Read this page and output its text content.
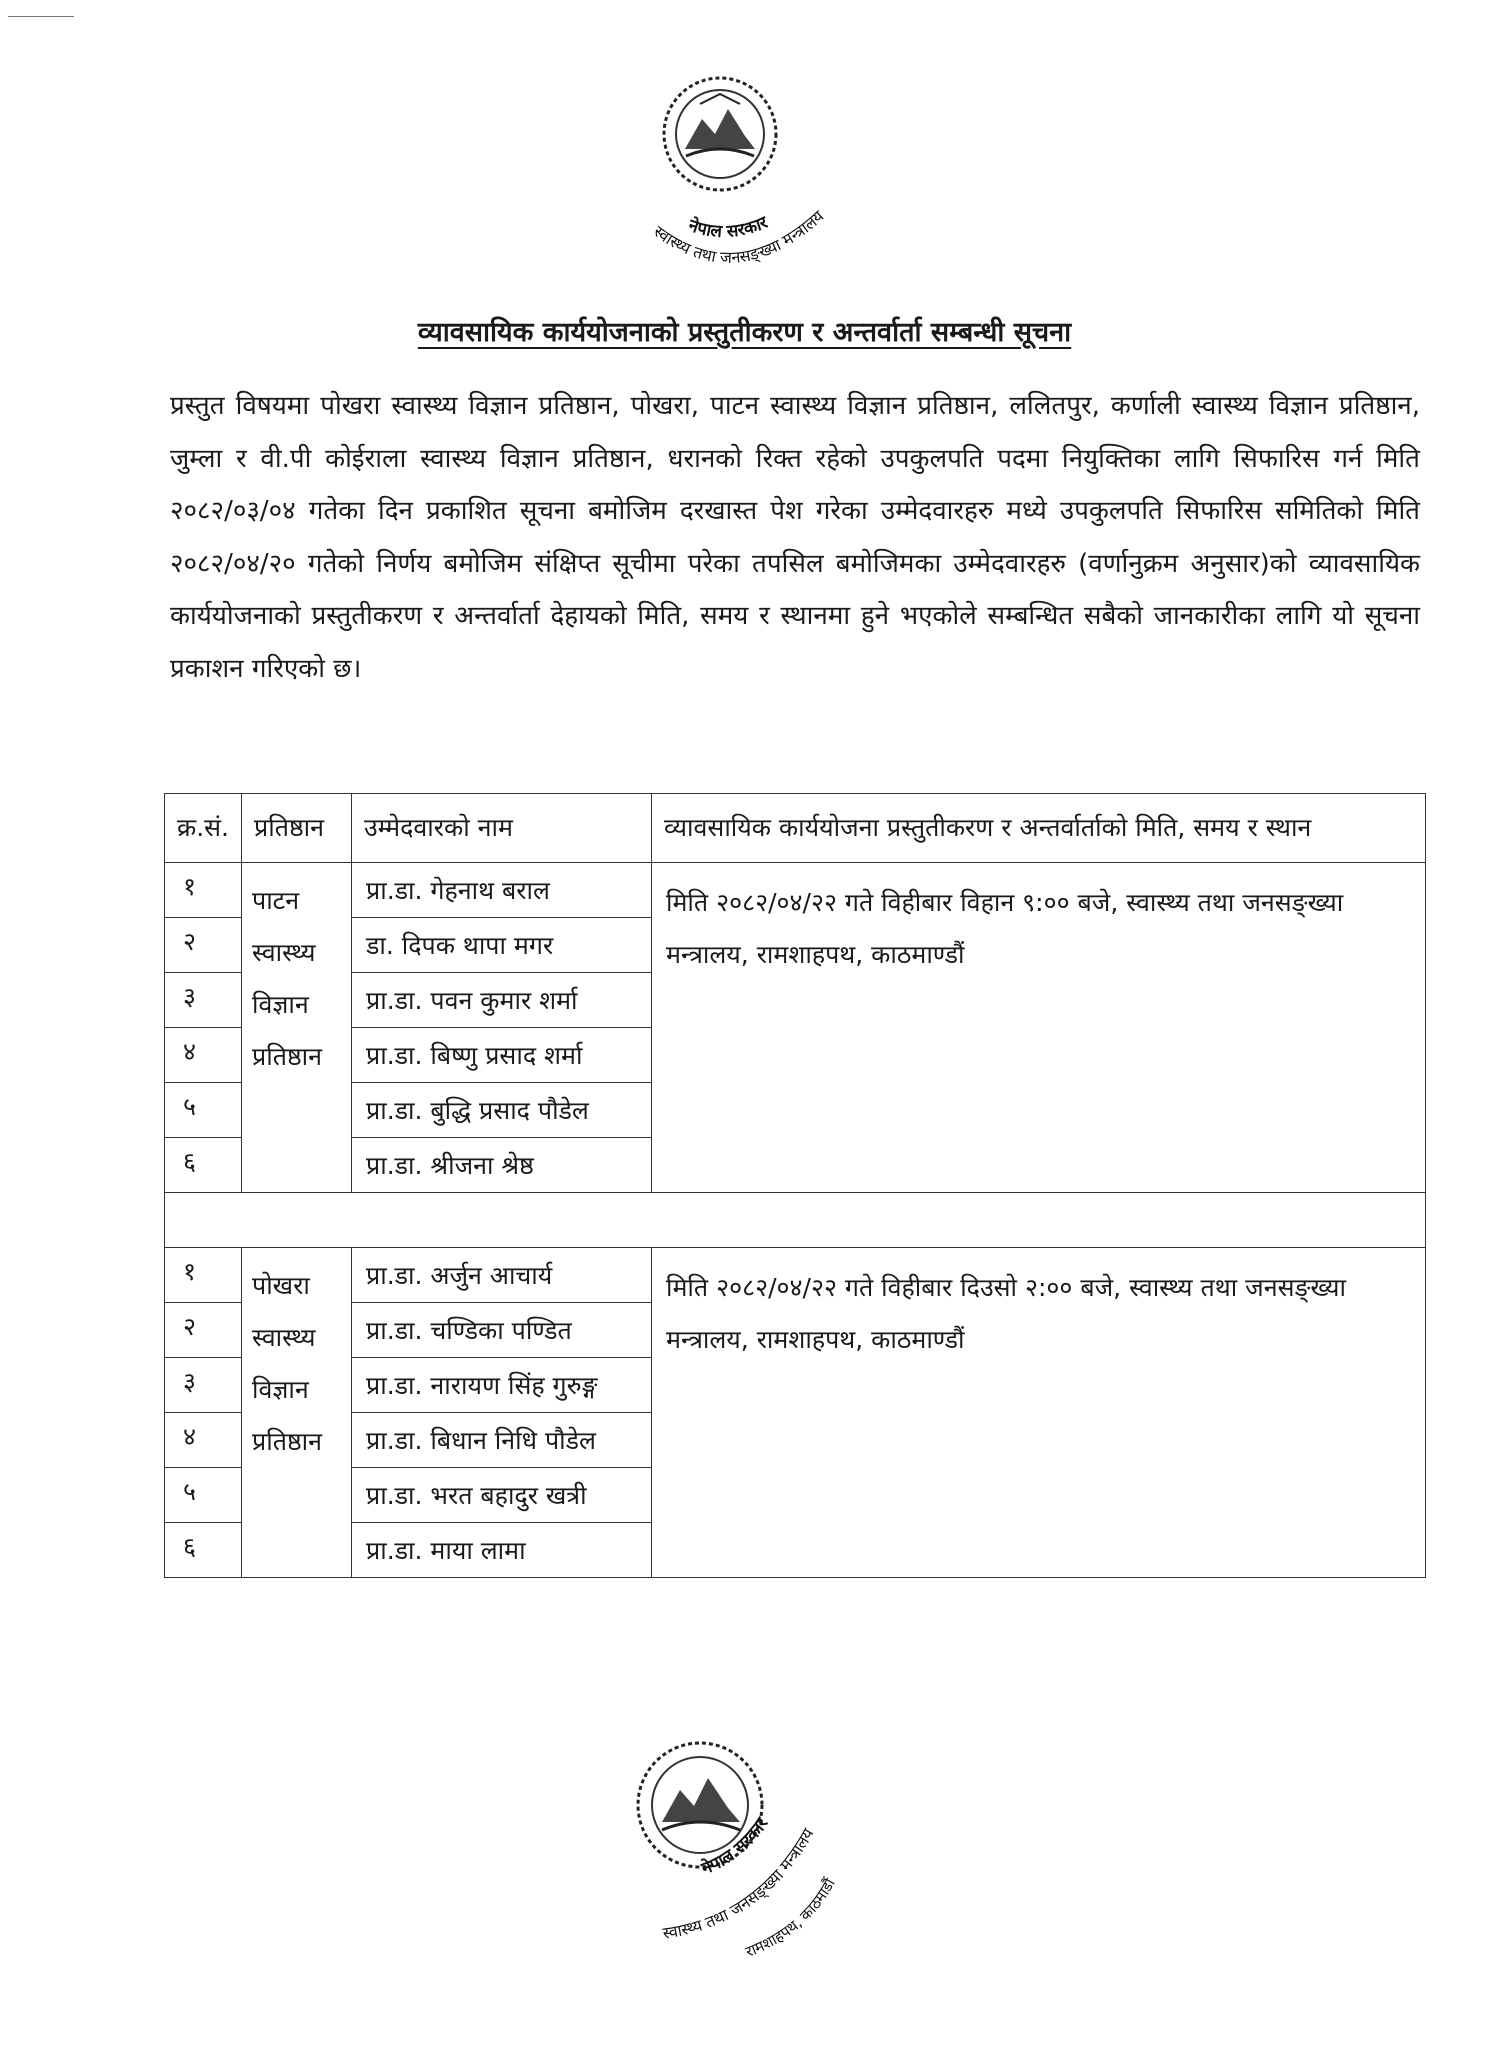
नेपाल सरकार
स्वास्थ्य तथा जनसङ्ख्या मन्त्रालय
व्यावसायिक कार्ययोजनाको प्रस्तुतीकरण र अन्तर्वार्ता सम्बन्धी सूचना
प्रस्तुत विषयमा पोखरा स्वास्थ्य विज्ञान प्रतिष्ठान, पोखरा, पाटन स्वास्थ्य विज्ञान प्रतिष्ठान, ललितपुर, कर्णाली स्वास्थ्य विज्ञान प्रतिष्ठान, जुम्ला र वी.पी कोईराला स्वास्थ्य विज्ञान प्रतिष्ठान, धरानको रिक्त रहेको उपकुलपति पदमा नियुक्तिका लागि सिफारिस गर्न मिति २०८२/०३/०४ गतेका दिन प्रकाशित सूचना बमोजिम दरखास्त पेश गरेका उम्मेदवारहरु मध्ये उपकुलपति सिफारिस समितिको मिति २०८२/०४/२० गतेको निर्णय बमोजिम संक्षिप्त सूचीमा परेका तपसिल बमोजिमका उम्मेदवारहरु (वर्णानुक्रम अनुसार)को व्यावसायिक कार्ययोजनाको प्रस्तुतीकरण र अन्तर्वार्ता देहायको मिति, समय र स्थानमा हुने भएकोले सम्बन्धित सबैको जानकारीका लागि यो सूचना प्रकाशन गरिएको छ।
क्र.सं.	प्रतिष्ठान	उम्मेदवारको नाम	व्यावसायिक कार्ययोजना प्रस्तुतीकरण र अन्तर्वार्ताको मिति, समय र स्थान
१	पाटन स्वास्थ्य विज्ञान प्रतिष्ठान	प्रा.डा. गेहनाथ बराल	मिति २०८२/०४/२२ गते विहीबार विहान ९:०० बजे, स्वास्थ्य तथा जनसङ्ख्या मन्त्रालय, रामशाहपथ, काठमाण्डौं
२		डा. दिपक थापा मगर	
३		प्रा.डा. पवन कुमार शर्मा	
४		प्रा.डा. बिष्णु प्रसाद शर्मा	
५		प्रा.डा. बुद्धि प्रसाद पौडेल	
६		प्रा.डा. श्रीजना श्रेष्ठ	

१	पोखरा स्वास्थ्य विज्ञान प्रतिष्ठान	प्रा.डा. अर्जुन आचार्य	मिति २०८२/०४/२२ गते विहीबार दिउसो २:०० बजे, स्वास्थ्य तथा जनसङ्ख्या मन्त्रालय, रामशाहपथ, काठमाण्डौं
२		प्रा.डा. चण्डिका पण्डित	
३		प्रा.डा. नारायण सिंह गुरुङ्ग	
४		प्रा.डा. बिधान निधि पौडेल	
५		प्रा.डा. भरत बहादुर खत्री	
६		प्रा.डा. माया लामा	
नेपाल सरकार
स्वास्थ्य तथा जनसङ्ख्या मन्त्रालय
रामशाहपथ, काठमाडौं
